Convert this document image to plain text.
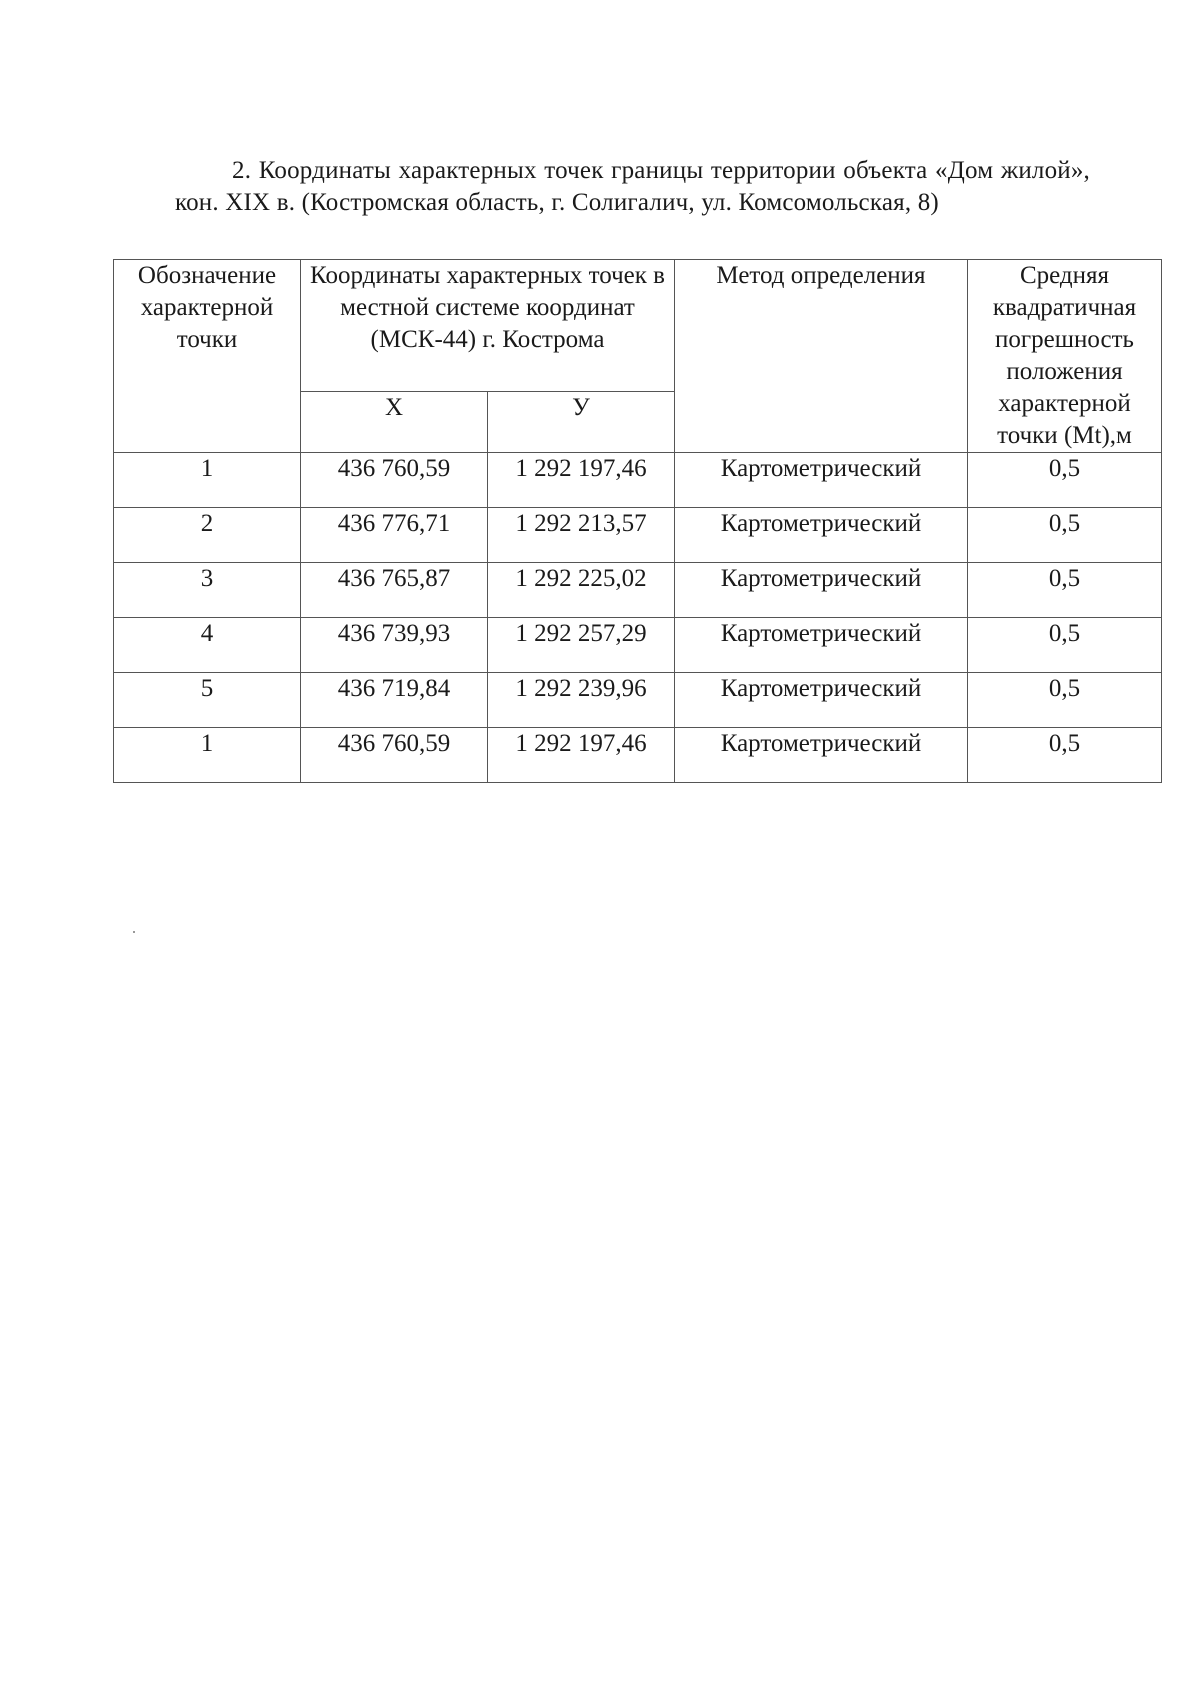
2. Координаты характерных точек границы территории объекта «Дом жилой», кон. XIX в. (Костромская область, г. Солигалич, ул. Комсомольская, 8)

Обозначение характерной точки	Координаты характерных точек в местной системе координат (МСК-44) г. Кострома		Метод определения	Средняя квадратичная погрешность положения характерной точки (Mt),м
	X	У		
1	436 760,59	1 292 197,46	Картометрический	0,5
2	436 776,71	1 292 213,57	Картометрический	0,5
3	436 765,87	1 292 225,02	Картометрический	0,5
4	436 739,93	1 292 257,29	Картометрический	0,5
5	436 719,84	1 292 239,96	Картометрический	0,5
1	436 760,59	1 292 197,46	Картометрический	0,5
